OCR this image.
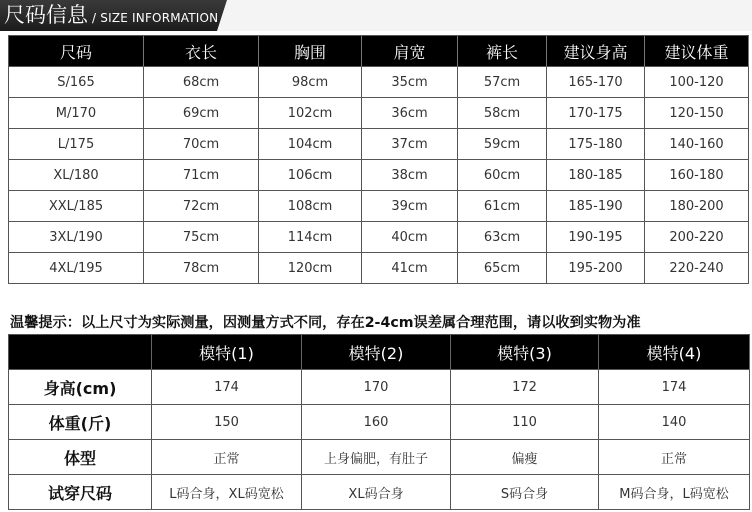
尺码信息 / SIZE INFORMATION
尺码	衣长	胸围	肩宽	裤长	建议身高	建议体重
S/165	68cm	98cm	35cm	57cm	165-170	100-120
M/170	69cm	102cm	36cm	58cm	170-175	120-150
L/175	70cm	104cm	37cm	59cm	175-180	140-160
XL/180	71cm	106cm	38cm	60cm	180-185	160-180
XXL/185	72cm	108cm	39cm	61cm	185-190	180-200
3XL/190	75cm	114cm	40cm	63cm	190-195	200-220
4XL/195	78cm	120cm	41cm	65cm	195-200	220-240
温馨提示：以上尺寸为实际测量，因测量方式不同，存在2-4cm误差属合理范围，请以收到实物为准
	模特(1)	模特(2)	模特(3)	模特(4)
身高(cm)	174	170	172	174
体重(斤)	150	160	110	140
体型	正常	上身偏肥，有肚子	偏瘦	正常
试穿尺码	L码合身，XL码宽松	XL码合身	S码合身	M码合身，L码宽松
